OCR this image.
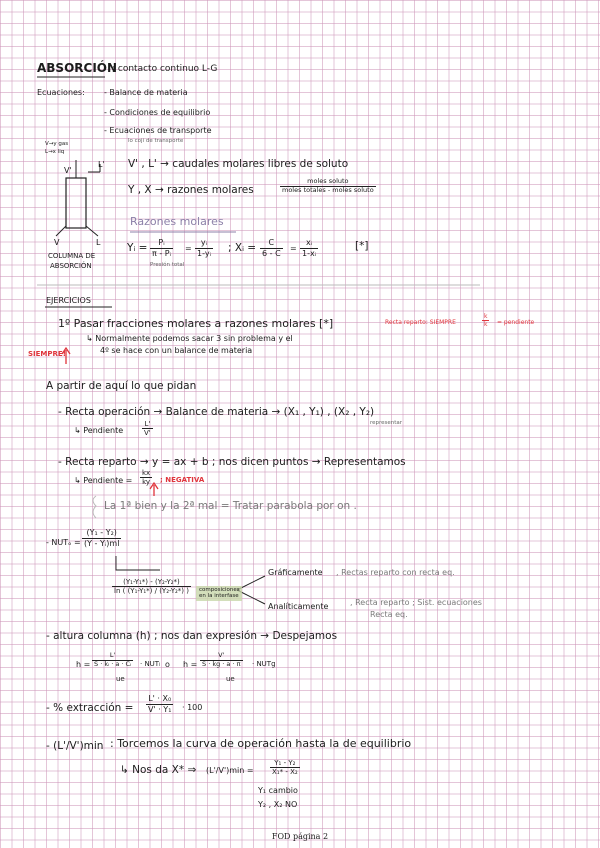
ABSORCIÓN
; contacto continuo L-G
Ecuaciones: - Balance de materia
- Condiciones de equilibrio
- Ecuaciones de transporte
lo coji de transporte
V→y gas
L→x liq
L'
V'
V	L
COLUMNA DE
ABSORCIÓN
V' , L' → caudales molares libres de soluto
Y , X → razones molares
moles soluto
moles totales - moles soluto
Razones molares
Yᵢ = $\frac{\text{Pᵢ}}{\text{π - Pᵢ}} = \frac{\text{yᵢ}}{\text{1-yᵢ}}$
Presión total
; Xᵢ = $\frac{C}{6 - C} = \frac{\text{xᵢ}}{\text{1-xᵢ}}$	[*]
EJERCICIOS
1º Pasar fracciones molares a razones molares [*]
↳ Normalmente podemos sacar 3 sin problema y el
4º se hace con un balance de materia
SIEMPRE!
Recta reparto: SIEMPRE	$\frac{k}{k}$ = pendiente
A partir de aquí lo que pidan
- Recta operación → Balance de materia → (X₁ , Y₁) , (X₂ , Y₂)
representar
↳ Pendiente	$\frac{L'}{V'}$
- Recta reparto → y = ax + b ; nos dicen puntos → Representamos
↳ Pendiente = $\frac{kx}{ky}$ ; NEGATIVA
La 1ª bien y la 2ª mal = Tratar parabola por on .
- $NUT_o = \frac{\text{(Y₁ - Y₂)}}{\text{(Y - Yᵢ)ml}}$
$\frac{\text{(Y₁-Y₁*) - (Y₂-Y₂*)}}{\text{ln ( (Y₁-Y₁*) / (Y₂-Y₂*) )}}$	composiciones en la interfase
Gráficamente , Rectas reparto con recta eq.
Analíticamente	, Recta reparto ; Sist. ecuaciones
Recta eq.
- altura columna (h) ; nos dan expresión → Despejamos
$h = \frac{L'}{\text{S · kₗ · a · Cₗ}} \cdot NUT_l$
ue
o $h = \frac{V'}{S \cdot kg \cdot a \cdot \pi}$ · NUTg
ue
- % extracción = $\frac{\text{L' · X₀}}{\text{V' · Y₁}} \cdot 100$
- (L'/V')min : Torcemos la curva de operación hasta la de equilibrio
↳ Nos da X* ⇒ $(L'/V')\min = \frac{\text{Y₁ - Y₂}}{\text{X₁* - X₂}}$
Y₁ cambio
Y₂ , X₂ NO
FOD página 2
